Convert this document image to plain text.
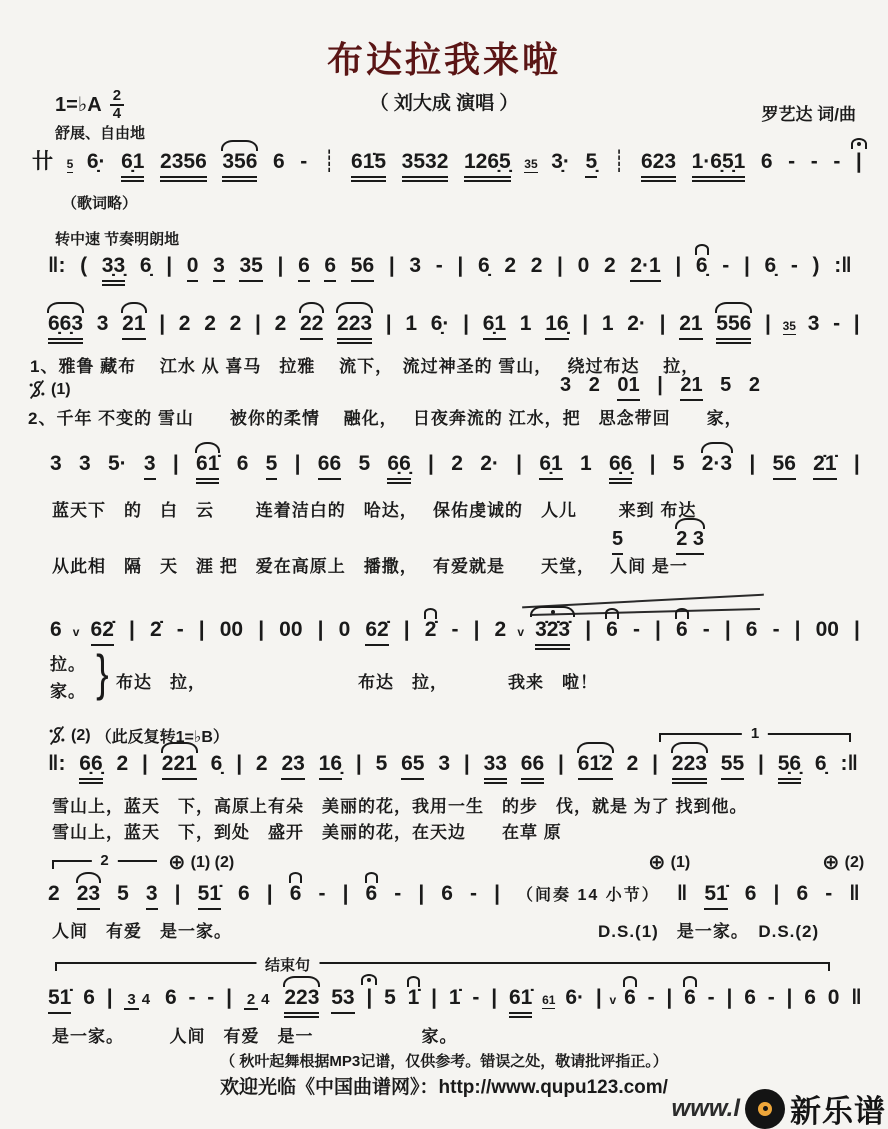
布达拉我来啦
（ 刘大成 演唱 ）
罗艺达 词/曲
1=♭A $\frac{2}{4}$
舒展、自由地
卄 5 6̣· 6̣1 2356 356 6 - ┊ 61̇5 3532 126̣5̣ 35 3̣· 5̣ ┊ 623 1·6̣5̣1 6 - - - |
（歌词略）
转中速 节奏明朗地
‖: ( 3̣3̣ 6̣ | 0 3 35 | 6 6 56 | 3 - | 6̣ 2 2 | 0 2 2·1 | 6̣ - | 6̣ - ) :‖
6̣6̣3 3 21 | 2 2 2 | 2 22 223 | 1 6̣· | 6̣1 1 16̣ | 1 2· | 21 556 | 35 3 - |
1、雅鲁 藏布　 江水 从 喜马　拉雅　 流下，　流过神圣的 雪山，　 绕过布达　 拉，
(1)	3 2 01 | 21 5 2
2、千年 不变的 雪山　　被你的柔情　 融化，　 日夜奔流的 江水，把　思念带回　　家，
3 3 5· 3 | 61̇ 6 5 | 66 5 6̣6̣ | 2 2· | 6̣1 1 6̣6̣ | 5 2·3 | 56 2̇1̇ |
蓝天下　的　白　云　　 连着洁白的　哈达，　 保佑虔诚的　人儿　　 来到 布达
5	2 3
从此相　隔　天　涯 把　爱在高原上　播撒，　 有爱就是　　天堂，　 人间 是一
6 v 62̇ | 2̇ - | 00 | 00 | 0 62̇ | 2̇ - | 2 v 3̇2̇3̇ | 6 - | 6 - | 6 - | 00 |
拉。
家。 } 布达　拉，	布达　拉，	我来　啦！
(2) （此反复转1=♭B）	1
‖: 6̣6̣ 2 | 221 6̣ | 2 23 16̣ | 5 65 3 | 33 66 | 61̇2 2 | 223 55 | 5̣6̣ 6̣ :‖
雪山上，蓝天　下，高原上有朵　美丽的花，我用一生　的步　伐，就是 为了 找到他。
雪山上，蓝天　下，到处　盛开　美丽的花，在天边　　在草 原
2	⊕ (1) (2)	⊕ (1)	⊕ (2)
2 23 5 3 | 51̇ 6 | 6 - | 6 - | 6 - | （间奏 14 小节） ‖ 51̇ 6 | 6 - ‖
人间　有爱　是一家。	D.S.(1)　是一家。　D.S.(2)
结束句
51̇ 6 | 3 4 6 - - | 2 4 223 53 | 5 1̇ | 1̇ - | 61̇ 61 6· | v 6 - | 6 - | 6 - | 6 0 ‖
是一家。　　　人间　有爱　是一　　　　　　家。
（ 秋叶起舞根据MP3记谱，仅供参考。错误之处，敬请批评指正。）
欢迎光临《中国曲谱网》：http://www.qupu123.com/
www.l 新乐谱
